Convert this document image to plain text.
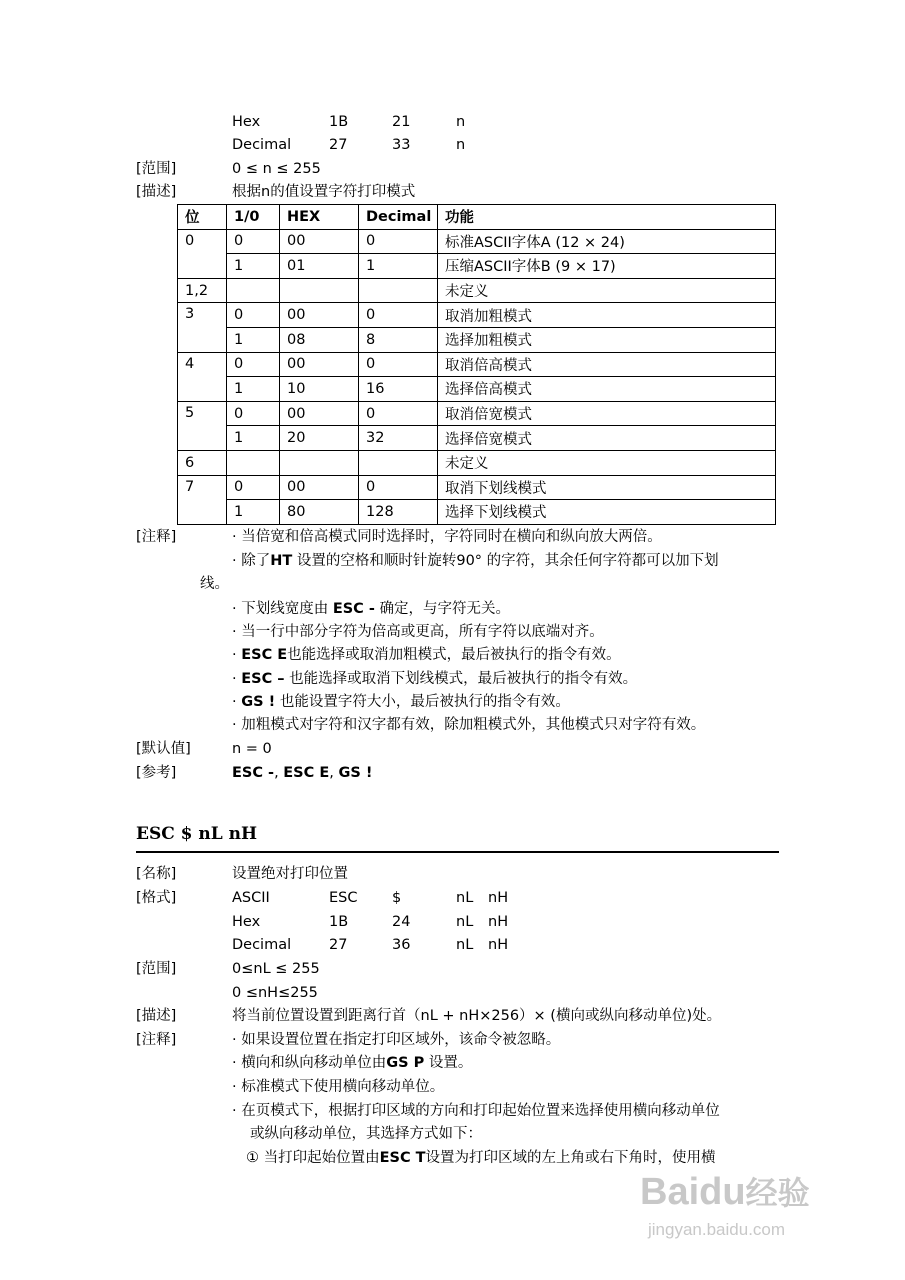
Hex	1B	21	n
Decimal	27	33	n
[范围]	0 ≤ n ≤ 255
[描述]	根据n的值设置字符打印模式
位	1/0	HEX	Decimal	功能
0	0	00	0	标准ASCII字体A (12 × 24)
	1	01	1	压缩ASCII字体B (9 × 17)
1,2				未定义
3	0	00	0	取消加粗模式
	1	08	8	选择加粗模式
4	0	00	0	取消倍高模式
	1	10	16	选择倍高模式
5	0	00	0	取消倍宽模式
	1	20	32	选择倍宽模式
6				未定义
7	0	00	0	取消下划线模式
	1	80	128	选择下划线模式
[注释]	· 当倍宽和倍高模式同时选择时，字符同时在横向和纵向放大两倍。
· 除了HT 设置的空格和顺时针旋转90° 的字符，其余任何字符都可以加下划
线。
· 下划线宽度由 ESC - 确定，与字符无关。
· 当一行中部分字符为倍高或更高，所有字符以底端对齐。
· ESC E也能选择或取消加粗模式，最后被执行的指令有效。
· ESC – 也能选择或取消下划线模式，最后被执行的指令有效。
· GS ! 也能设置字符大小，最后被执行的指令有效。
· 加粗模式对字符和汉字都有效，除加粗模式外，其他模式只对字符有效。
[默认值]	n = 0
[参考]	ESC -, ESC E, GS !
ESC $ nL nH
[名称]	设置绝对打印位置
[格式]	ASCII	ESC $	nL nH
Hex	1B	24	nL nH
Decimal	27	36	nL nH
[范围]	0≤nL ≤ 255
0 ≤nH≤255
[描述]	将当前位置设置到距离行首（nL + nH×256）× (横向或纵向移动单位)处。
[注释]	· 如果设置位置在指定打印区域外，该命令被忽略。
· 横向和纵向移动单位由GS P 设置。
· 标准模式下使用横向移动单位。
· 在页模式下，根据打印区域的方向和打印起始位置来选择使用横向移动单位
或纵向移动单位，其选择方式如下：
① 当打印起始位置由ESC T设置为打印区域的左上角或右下角时，使用横
Baidu经验
jingyan.baidu.com
